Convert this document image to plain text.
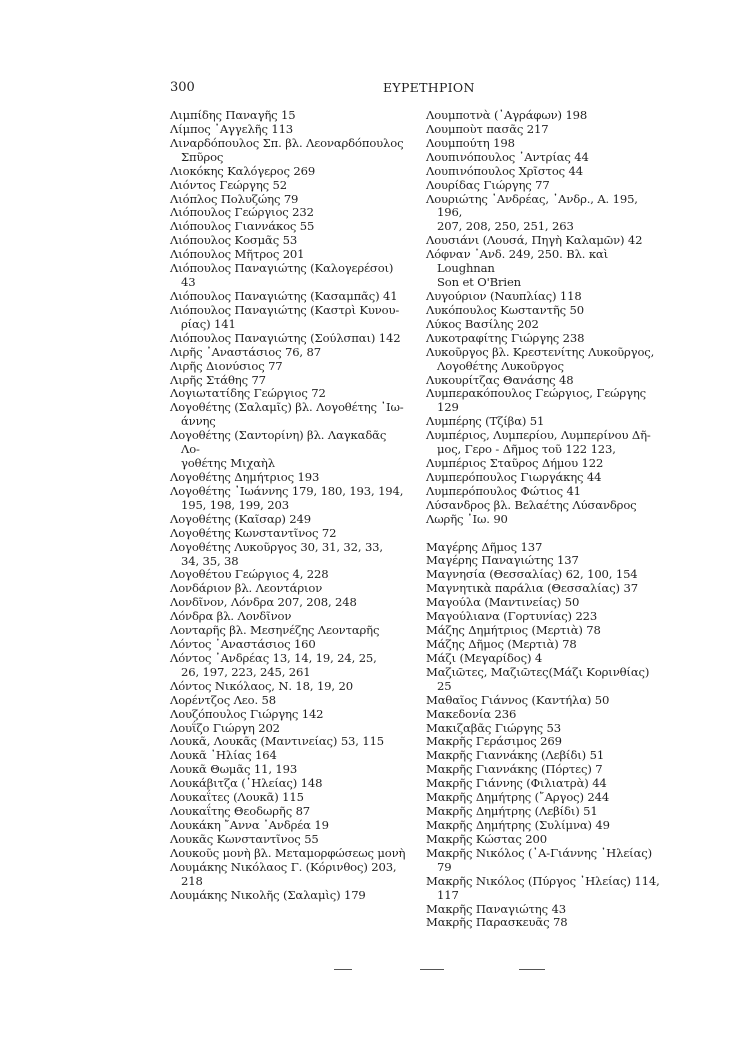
300	ΕΥΡΕΤΗΡΙΟΝ
Λιμπίδης Παναγῆς 15
Λίμπος ᾿Αγγελῆς 113
Λιναρδόπουλος Σπ. βλ. Λεοναρδόπουλος
Σπῦρος
Λιοκόκης Καλόγερος 269
Λιόντος Γεώργης 52
Λιόπλος Πολυζώης 79
Λιόπουλος Γεώργιος 232
Λιόπουλος Γιαννάκος 55
Λιόπουλος Κοσμᾶς 53
Λιόπουλος Μῆτρος 201
Λιόπουλος Παναγιώτης (Καλογερέσοι) 43
Λιόπουλος Παναγιώτης (Κασαμπᾶς) 41
Λιόπουλος Παναγιώτης (Καστρὶ Κυνου-
ρίας) 141
Λιόπουλος Παναγιώτης (Σούλσπαι) 142
Λιρῆς ᾿Αναστάσιος 76, 87
Λιρῆς Διονύσιος 77
Λιρῆς Στάθης 77
Λογιωτατίδης Γεώργιος 72
Λογοθέτης (Σαλαμῖς) βλ. Λογοθέτης ᾿Ιω-
άννης
Λογοθέτης (Σαντορίνη) βλ. Λαγκαδᾶς Λο-
γοθέτης Μιχαὴλ
Λογοθέτης Δημήτριος 193
Λογοθέτης ᾿Ιωάννης 179, 180, 193, 194,
195, 198, 199, 203
Λογοθέτης (Καῖσαρ) 249
Λογοθέτης Κωνσταντῖνος 72
Λογοθέτης Λυκοῦργος 30, 31, 32, 33,
34, 35, 38
Λογοθέτου Γεώργιος 4, 228
Λονδάριον βλ. Λεοντάριον
Λονδῖνον, Λόνδρα 207, 208, 248
Λόνδρα βλ. Λονδῖνον
Λονταρῆς βλ. Μεσηνέζης Λεονταρῆς
Λόντος ᾿Αναστάσιος 160
Λόντος ᾿Ανδρέας 13, 14, 19, 24, 25,
26, 197, 223, 245, 261
Λόντος Νικόλαος, Ν. 18, 19, 20
Λορέντζος Λεο. 58
Λουζόπουλος Γιώργης 142
Λουΐζο Γιώργη 202
Λουκᾶ, Λουκᾶς (Μαντινείας) 53, 115
Λουκᾶ ᾿Ηλίας 164
Λουκᾶ Θωμᾶς 11, 193
Λουκάβιτζα (᾿Ηλείας) 148
Λουκαΐτες (Λουκᾶ) 115
Λουκαΐτης Θεοδωρῆς 87
Λουκάκη ῎Αννα ᾿Ανδρέα 19
Λουκᾶς Κωνσταντῖνος 55
Λουκοῦς μονὴ βλ. Μεταμορφώσεως μονὴ
Λουμάκης Νικόλαος Γ. (Κόρινθος) 203,
218
Λουμάκης Νικολῆς (Σαλαμὶς) 179
Λουμποτνὰ (᾿Αγράφων) 198
Λουμποὺτ πασᾶς 217
Λουμπούτη 198
Λουπινόπουλος ᾿Αντρίας 44
Λουπινόπουλος Χρῖστος 44
Λουρίδας Γιώργης 77
Λουριώτης ᾿Ανδρέας, ᾿Ανδρ., Α. 195, 196,
207, 208, 250, 251, 263
Λουσιάνι (Λουσά, Πηγὴ Καλαμῶν) 42
Λόφναν ᾿Ανδ. 249, 250. Βλ. καὶ Loughnan
Son et O'Brien
Λυγούριον (Ναυπλίας) 118
Λυκόπουλος Κωσταντῆς 50
Λύκος Βασίλης 202
Λυκοτραφίτης Γιώργης 238
Λυκοῦργος βλ. Κρεστενίτης Λυκοῦργος,
Λογοθέτης Λυκοῦργος
Λυκουρίτζας Θανάσης 48
Λυμπερακόπουλος Γεώργιος, Γεώργης 129
Λυμπέρης (Τζίβα) 51
Λυμπέριος, Λυμπερίου, Λυμπερίνου Δῆ-
μος, Γερο - Δῆμος τοῦ 122 123,
Λυμπέριος Σταῦρος Δήμου 122
Λυμπερόπουλος Γιωργάκης 44
Λυμπερόπουλος Φώτιος 41
Λύσανδρος βλ. Βελαέτης Λύσανδρος
Λωρῆς ᾿Ιω. 90
Μαγέρης Δῆμος 137
Μαγέρης Παναγιώτης 137
Μαγνησία (Θεσσαλίας) 62, 100, 154
Μαγνητικὰ παράλια (Θεσσαλίας) 37
Μαγούλα (Μαντινείας) 50
Μαγούλιανα (Γορτυνίας) 223
Μάζης Δημήτριος (Μερτιὰ) 78
Μάζης Δῆμος (Μερτιὰ) 78
Μάζι (Μεγαρίδος) 4
Μαζιῶτες, Μαζιῶτες(Μάζι Κορινθίας) 25
Μαθαῖος Γιάννος (Καντήλα) 50
Μακεδονία 236
Μακιζαβᾶς Γιώργης 53
Μακρῆς Γεράσιμος 269
Μακρῆς Γιαννάκης (Λεβίδι) 51
Μακρῆς Γιαννάκης (Πόρτες) 7
Μακρῆς Γιάννης (Φιλιατρὰ) 44
Μακρῆς Δημήτρης (῎Αργος) 244
Μακρῆς Δημήτρης (Λεβίδι) 51
Μακρῆς Δημήτρης (Συλίμνα) 49
Μακρῆς Κώστας 200
Μακρῆς Νικόλος (᾿Α-Γιάννης ᾿Ηλείας)
79
Μακρῆς Νικόλος (Πύργος ᾿Ηλείας) 114,
117
Μακρῆς Παναγιώτης 43
Μακρῆς Παρασκευᾶς 78
